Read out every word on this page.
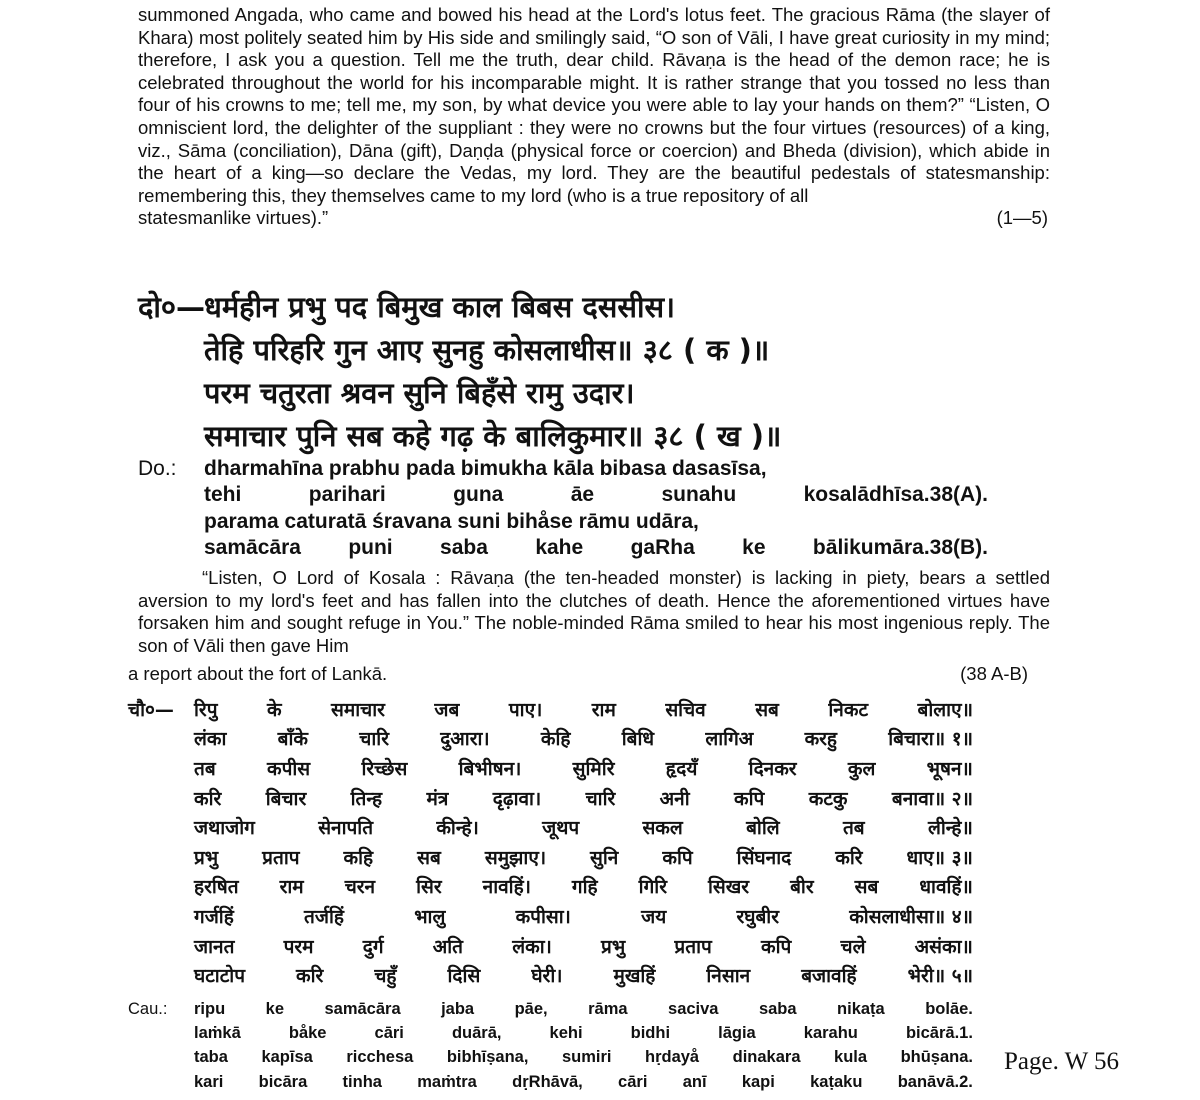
summoned Angada, who came and bowed his head at the Lord's lotus feet. The gracious Rāma (the slayer of Khara) most politely seated him by His side and smilingly said, “O son of Vāli, I have great curiosity in my mind; therefore, I ask you a question. Tell me the truth, dear child. Rāvaṇa is the head of the demon race; he is celebrated throughout the world for his incomparable might. It is rather strange that you tossed no less than four of his crowns to me; tell me, my son, by what device you were able to lay your hands on them?” “Listen, O omniscient lord, the delighter of the suppliant : they were no crowns but the four virtues (resources) of a king, viz., Sāma (conciliation), Dāna (gift), Daṇḍa (physical force or coercion) and Bheda (division), which abide in the heart of a king—so declare the Vedas, my lord. They are the beautiful pedestals of statesmanship: remembering this, they themselves came to my lord (who is a true repository of all

statesmanlike virtues).”	(1—5)
दो०— धर्महीन प्रभु पद बिमुख काल बिबस दससीस।
तेहि परिहरि गुन आए सुनहु कोसलाधीस॥ ३८ ( क )॥
परम चतुरता श्रवन सुनि बिहँसे रामु उदार।
समाचार पुनि सब कहे गढ़ के बालिकुमार॥ ३८ ( ख )॥
Do.:	dharmahīna prabhu pada bimukha kāla bibasa dasasīsa,
tehi parihari guna āe sunahu kosalādhīsa.38(A).
parama caturatā śravana suni bihåse rāmu udāra,
samācāra puni saba kahe gaRha ke bālikumāra.38(B).

“Listen, O Lord of Kosala : Rāvaṇa (the ten-headed monster) is lacking in piety, bears a settled aversion to my lord's feet and has fallen into the clutches of death. Hence the aforementioned virtues have forsaken him and sought refuge in You.” The noble-minded Rāma smiled to hear his most ingenious reply. The son of Vāli then gave Him

a report about the fort of Lankā.	(38 A-B)
चौ०—	रिपु	के	समाचार	जब	पाए।	राम	सचिव	सब	निकट	बोलाए॥
लंका	बाँके	चारि	दुआरा।	केहि	बिधि	लागिअ	करहु	बिचारा॥ १॥
तब	कपीस	रिच्छेस	बिभीषन।	सुमिरि	हृदयँ	दिनकर	कुल	भूषन॥
करि बिचार तिन्ह मंत्र दृढ़ावा। चारि अनी कपि कटकु बनावा॥ २॥
जथाजोग	सेनापति	कीन्हे।	जूथप	सकल	बोलि	तब	लीन्हे॥
प्रभु प्रताप कहि सब समुझाए। सुनि कपि सिंघनाद करि धाए॥ ३॥
हरषित राम चरन सिर नावहिं। गहि गिरि सिखर बीर सब धावहिं॥
गर्जहिं	तर्जहिं	भालु	कपीसा।	जय	रघुबीर	कोसलाधीसा॥ ४॥
जानत	परम	दुर्ग	अति	लंका।	प्रभु	प्रताप	कपि	चले	असंका॥
घटाटोप	करि	चहुँ	दिसि	घेरी।	मुखहिं	निसान	बजावहिं	भेरी॥ ५॥
Cau.:	ripu ke samācāra jaba pāe, rāma saciva saba nikaṭa bolāe.
laṁkā	båke	cāri	duārā,	kehi	bidhi	lāgia	karahu	bicārā.1.
taba kapīsa ricchesa bibhīṣana, sumiri hṛdayå dinakara kula bhūṣana.
kari bicāra tinha maṁtra dṛRhāvā, cāri anī kapi kaṭaku banāvā.2.
Page. W 56
